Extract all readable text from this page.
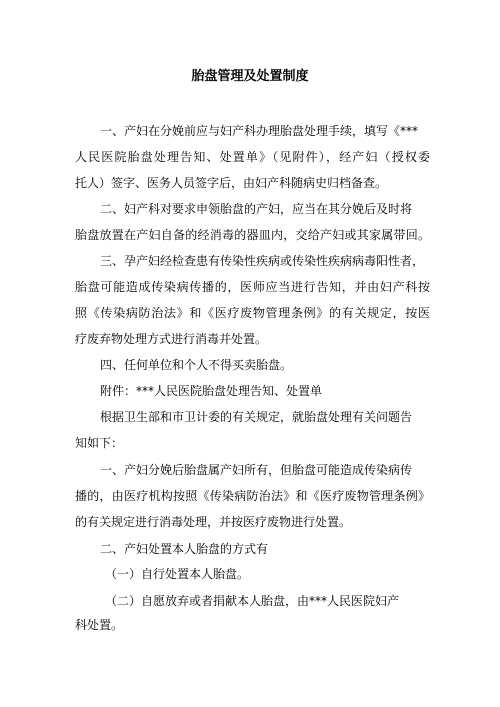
胎盘管理及处置制度
一、产妇在分娩前应与妇产科办理胎盘处理手续，填写《***
人民医院胎盘处理告知、处置单》（见附件），经产妇（授权委
托人）签字、医务人员签字后，由妇产科随病史归档备查。
二、妇产科对要求申领胎盘的产妇，应当在其分娩后及时将
胎盘放置在产妇自备的经消毒的器皿内，交给产妇或其家属带回。
三、孕产妇经检查患有传染性疾病或传染性疾病病毒阳性者，
胎盘可能造成传染病传播的，医师应当进行告知，并由妇产科按
照《传染病防治法》和《医疗废物管理条例》的有关规定，按医
疗废弃物处理方式进行消毒并处置。
四、任何单位和个人不得买卖胎盘。
附件：***人民医院胎盘处理告知、处置单
根据卫生部和市卫计委的有关规定，就胎盘处理有关问题告
知如下：
一、产妇分娩后胎盘属产妇所有，但胎盘可能造成传染病传
播的，由医疗机构按照《传染病防治法》和《医疗废物管理条例》
的有关规定进行消毒处理，并按医疗废物进行处置。
二、产妇处置本人胎盘的方式有
（一）自行处置本人胎盘。
（二）自愿放弃或者捐献本人胎盘，由***人民医院妇产
科处置。
